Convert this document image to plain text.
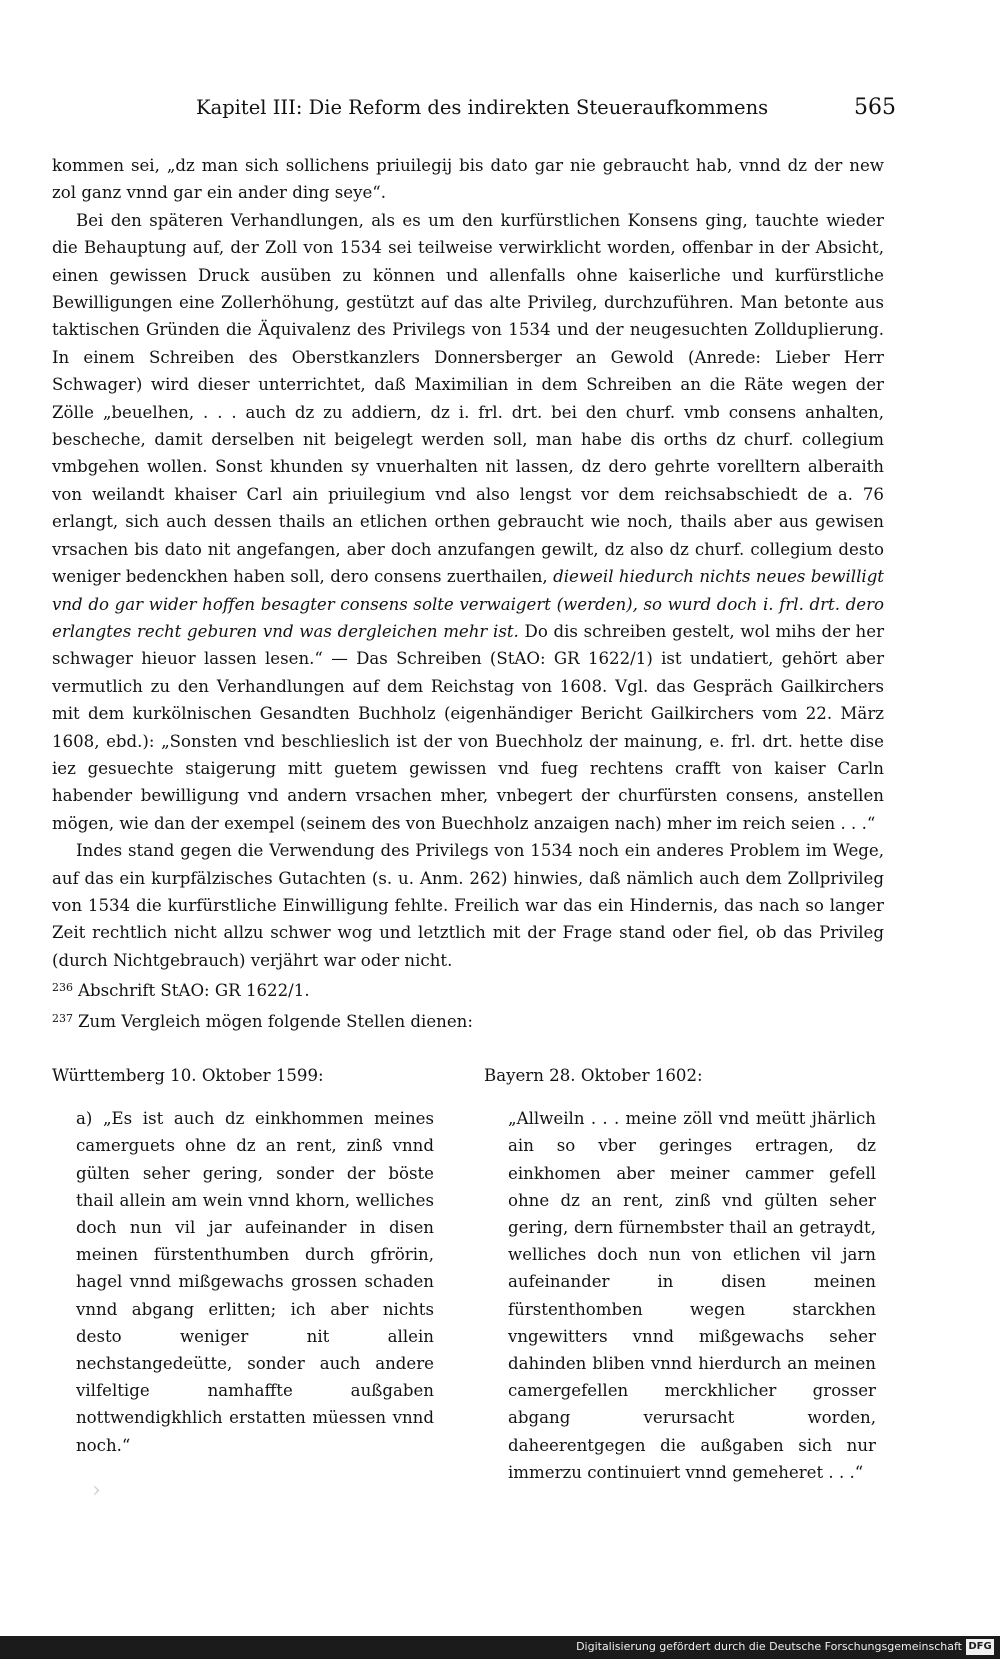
Kapitel III: Die Reform des indirekten Steueraufkommens	565

kommen sei, „dz man sich sollichens priuilegij bis dato gar nie gebraucht hab, vnnd dz der new zol ganz vnnd gar ein ander ding seye“.

Bei den späteren Verhandlungen, als es um den kurfürstlichen Konsens ging, tauchte wieder die Behauptung auf, der Zoll von 1534 sei teilweise verwirklicht worden, offenbar in der Absicht, einen gewissen Druck ausüben zu können und allenfalls ohne kaiserliche und kurfürstliche Bewilligungen eine Zollerhöhung, gestützt auf das alte Privileg, durchzuführen. Man betonte aus taktischen Gründen die Äquivalenz des Privilegs von 1534 und der neugesuchten Zollduplierung. In einem Schreiben des Oberstkanzlers Donnersberger an Gewold (Anrede: Lieber Herr Schwager) wird dieser unterrichtet, daß Maximilian in dem Schreiben an die Räte wegen der Zölle „beuelhen, . . . auch dz zu addiern, dz i. frl. drt. bei den churf. vmb consens anhalten, bescheche, damit derselben nit beigelegt werden soll, man habe dis orths dz churf. collegium vmbgehen wollen. Sonst khunden sy vnuerhalten nit lassen, dz dero gehrte vorelltern alberaith von weilandt khaiser Carl ain priuilegium vnd also lengst vor dem reichsabschiedt de a. 76 erlangt, sich auch dessen thails an etlichen orthen gebraucht wie noch, thails aber aus gewisen vrsachen bis dato nit angefangen, aber doch anzufangen gewilt, dz also dz churf. collegium desto weniger bedenckhen haben soll, dero consens zuerthailen, dieweil hiedurch nichts neues bewilligt vnd do gar wider hoffen besagter consens solte verwaigert (werden), so wurd doch i. frl. drt. dero erlangtes recht geburen vnd was dergleichen mehr ist. Do dis schreiben gestelt, wol mihs der her schwager hieuor lassen lesen.“ — Das Schreiben (StAO: GR 1622/1) ist undatiert, gehört aber vermutlich zu den Verhandlungen auf dem Reichstag von 1608. Vgl. das Gespräch Gailkirchers mit dem kurkölnischen Gesandten Buchholz (eigenhändiger Bericht Gailkirchers vom 22. März 1608, ebd.): „Sonsten vnd beschlieslich ist der von Buechholz der mainung, e. frl. drt. hette dise iez gesuechte staigerung mitt guetem gewissen vnd fueg rechtens crafft von kaiser Carln habender bewilligung vnd andern vrsachen mher, vnbegert der churfürsten consens, anstellen mögen, wie dan der exempel (seinem des von Buechholz anzaigen nach) mher im reich seien . . .“

Indes stand gegen die Verwendung des Privilegs von 1534 noch ein anderes Problem im Wege, auf das ein kurpfälzisches Gutachten (s. u. Anm. 262) hinwies, daß nämlich auch dem Zollprivileg von 1534 die kurfürstliche Einwilligung fehlte. Freilich war das ein Hindernis, das nach so langer Zeit rechtlich nicht allzu schwer wog und letztlich mit der Frage stand oder fiel, ob das Privileg (durch Nichtgebrauch) verjährt war oder nicht.

$^{236}$ Abschrift StAO: GR 1622/1.

$^{237}$ Zum Vergleich mögen folgende Stellen dienen:

Württemberg 10. Oktober 1599:

a) „Es ist auch dz einkhommen meines camerguets ohne dz an rent, zinß vnnd gülten seher gering, sonder der böste thail allein am wein vnnd khorn, welliches doch nun vil jar aufeinander in disen meinen fürstenthumben durch gfrörin, hagel vnnd mißgewachs grossen schaden vnnd abgang erlitten; ich aber nichts desto weniger nit allein nechstangedeütte, sonder auch andere vilfeltige namhaffte außgaben nottwendigkhlich erstatten müessen vnnd noch.“

Bayern 28. Oktober 1602:

„Allweiln . . . meine zöll vnd meütt jhärlich ain so vber geringes ertragen, dz einkhomen aber meiner cammer gefell ohne dz an rent, zinß vnd gülten seher gering, dern fürnembster thail an getraydt, welliches doch nun von etlichen vil jarn aufeinander in disen meinen fürstenthomben wegen starckhen vngewitters vnnd mißgewachs seher dahinden bliben vnnd hierdurch an meinen camergefellen merckhlicher grosser abgang verursacht worden, daheerentgegen die außgaben sich nur immerzu continuiert vnnd gemeheret . . .“

›
Digitalisierung gefördert durch die Deutsche Forschungsgemeinschaft DFG
